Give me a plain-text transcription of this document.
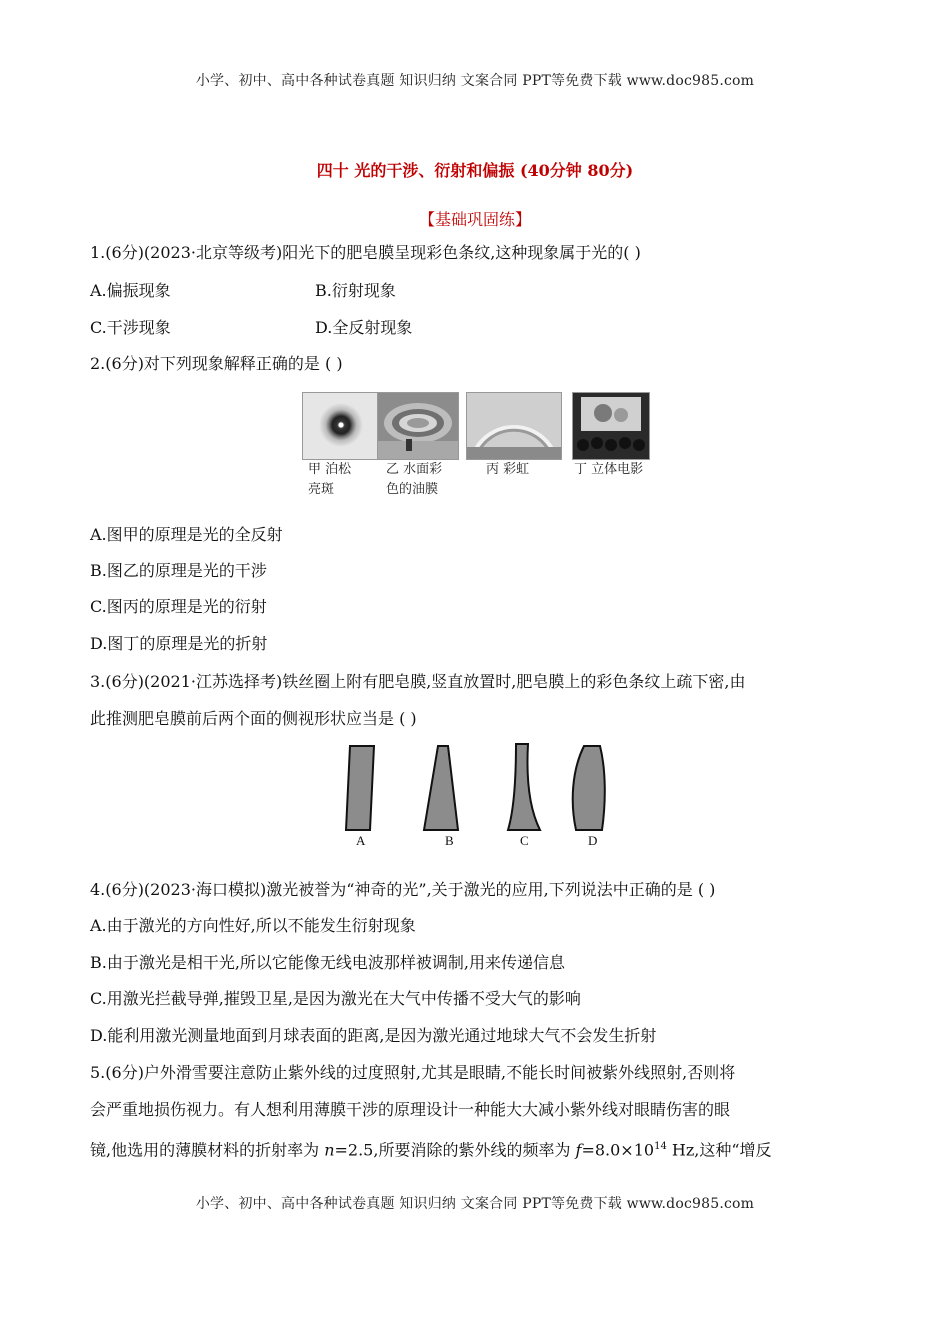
小学、初中、高中各种试卷真题 知识归纳 文案合同 PPT等免费下载 www.doc985.com
四十 光的干涉、衍射和偏振 (40分钟 80分)
【基础巩固练】
1.(6分)(2023·北京等级考)阳光下的肥皂膜呈现彩色条纹,这种现象属于光的( )
A.偏振现象	B.衍射现象
C.干涉现象	D.全反射现象
2.(6分)对下列现象解释正确的是 ( )
甲 泊松
亮斑
乙 水面彩
色的油膜
丙 彩虹	丁 立体电影
A.图甲的原理是光的全反射
B.图乙的原理是光的干涉
C.图丙的原理是光的衍射
D.图丁的原理是光的折射
3.(6分)(2021·江苏选择考)铁丝圈上附有肥皂膜,竖直放置时,肥皂膜上的彩色条纹上疏下密,由
此推测肥皂膜前后两个面的侧视形状应当是 ( )
A	B	C	D
4.(6分)(2023·海口模拟)激光被誉为“神奇的光”,关于激光的应用,下列说法中正确的是 ( )
A.由于激光的方向性好,所以不能发生衍射现象
B.由于激光是相干光,所以它能像无线电波那样被调制,用来传递信息
C.用激光拦截导弹,摧毁卫星,是因为激光在大气中传播不受大气的影响
D.能利用激光测量地面到月球表面的距离,是因为激光通过地球大气不会发生折射
5.(6分)户外滑雪要注意防止紫外线的过度照射,尤其是眼睛,不能长时间被紫外线照射,否则将
会严重地损伤视力。有人想利用薄膜干涉的原理设计一种能大大减小紫外线对眼睛伤害的眼
镜,他选用的薄膜材料的折射率为 n=2.5,所要消除的紫外线的频率为 $f=8.0\times 10^{14}$ Hz,这种“增反
小学、初中、高中各种试卷真题 知识归纳 文案合同 PPT等免费下载 www.doc985.com
